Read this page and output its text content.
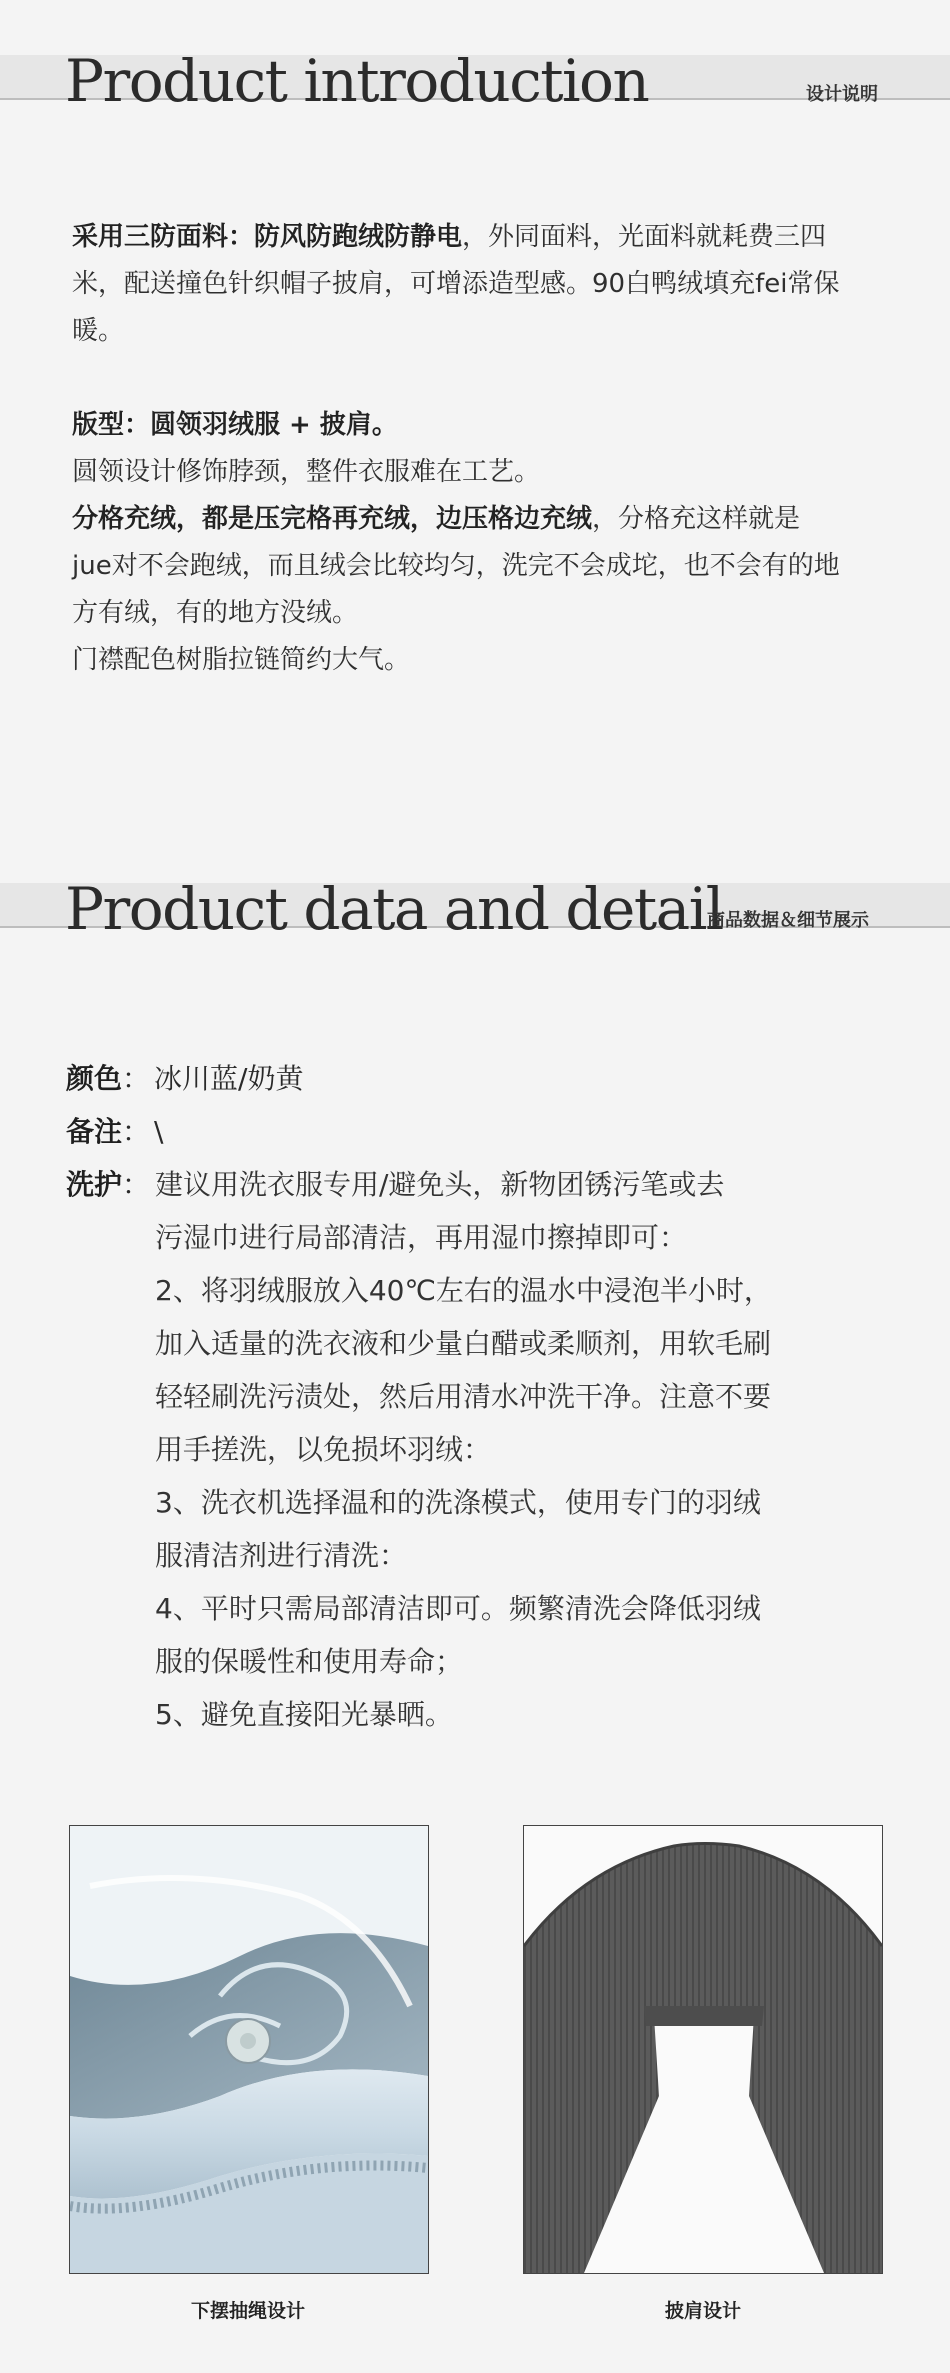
Product introduction	设计说明
采用三防面料：防风防跑绒防静电，外同面料，光面料就耗费三四
米，配送撞色针织帽子披肩，可增添造型感。90白鸭绒填充fei常保
暖。
版型：圆领羽绒服 + 披肩。
圆领设计修饰脖颈，整件衣服难在工艺。
分格充绒，都是压完格再充绒，边压格边充绒，分格充这样就是
jue对不会跑绒，而且绒会比较均匀，洗完不会成坨，也不会有的地
方有绒，有的地方没绒。
门襟配色树脂拉链简约大气。
Product data and detail
商品数据＆细节展示
颜色： 冰川蓝/奶黄
备注： \
洗护： 建议用洗衣服专用/避免头，新物团锈污笔或去
污湿巾进行局部清洁，再用湿巾擦掉即可：
2、将羽绒服放入40℃左右的温水中浸泡半小时，
加入适量的洗衣液和少量白醋或柔顺剂，用软毛刷
轻轻刷洗污渍处，然后用清水冲洗干净。注意不要
用手搓洗，以免损坏羽绒：
3、洗衣机选择温和的洗涤模式，使用专门的羽绒
服清洁剂进行清洗：
4、平时只需局部清洁即可。频繁清洗会降低羽绒
服的保暖性和使用寿命；
5、避免直接阳光暴晒。
下摆抽绳设计	披肩设计
